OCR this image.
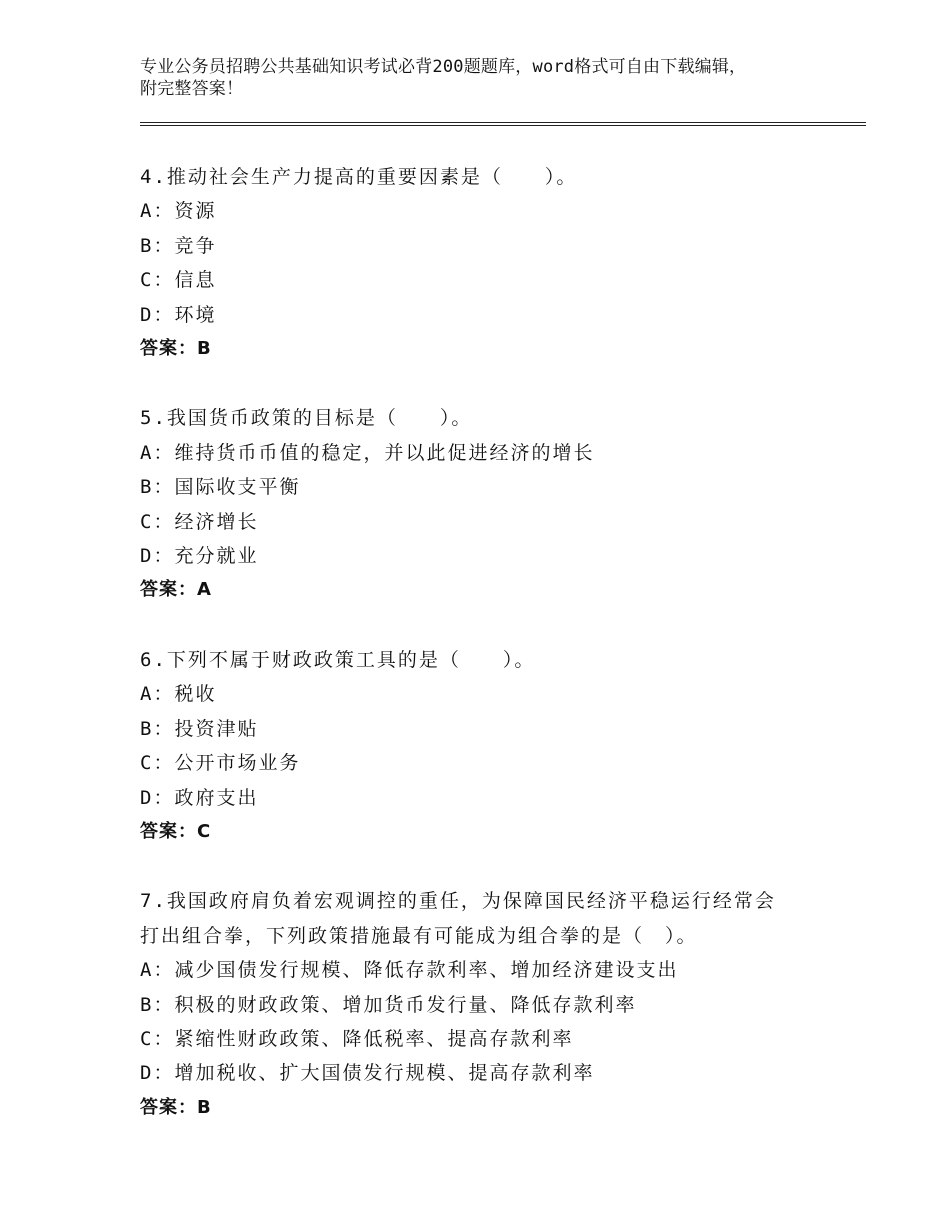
专业公务员招聘公共基础知识考试必背200题题库，word格式可自由下载编辑，
附完整答案！
4.推动社会生产力提高的重要因素是（　　）。
A：资源
B：竞争
C：信息
D：环境
答案：B
5.我国货币政策的目标是（　　）。
A：维持货币币值的稳定，并以此促进经济的增长
B：国际收支平衡
C：经济增长
D：充分就业
答案：A
6.下列不属于财政政策工具的是（　　）。
A：税收
B：投资津贴
C：公开市场业务
D：政府支出
答案：C
7.我国政府肩负着宏观调控的重任，为保障国民经济平稳运行经常会
打出组合拳，下列政策措施最有可能成为组合拳的是（　）。
A：减少国债发行规模、降低存款利率、增加经济建设支出
B：积极的财政政策、增加货币发行量、降低存款利率
C：紧缩性财政政策、降低税率、提高存款利率
D：增加税收、扩大国债发行规模、提高存款利率
答案：B
